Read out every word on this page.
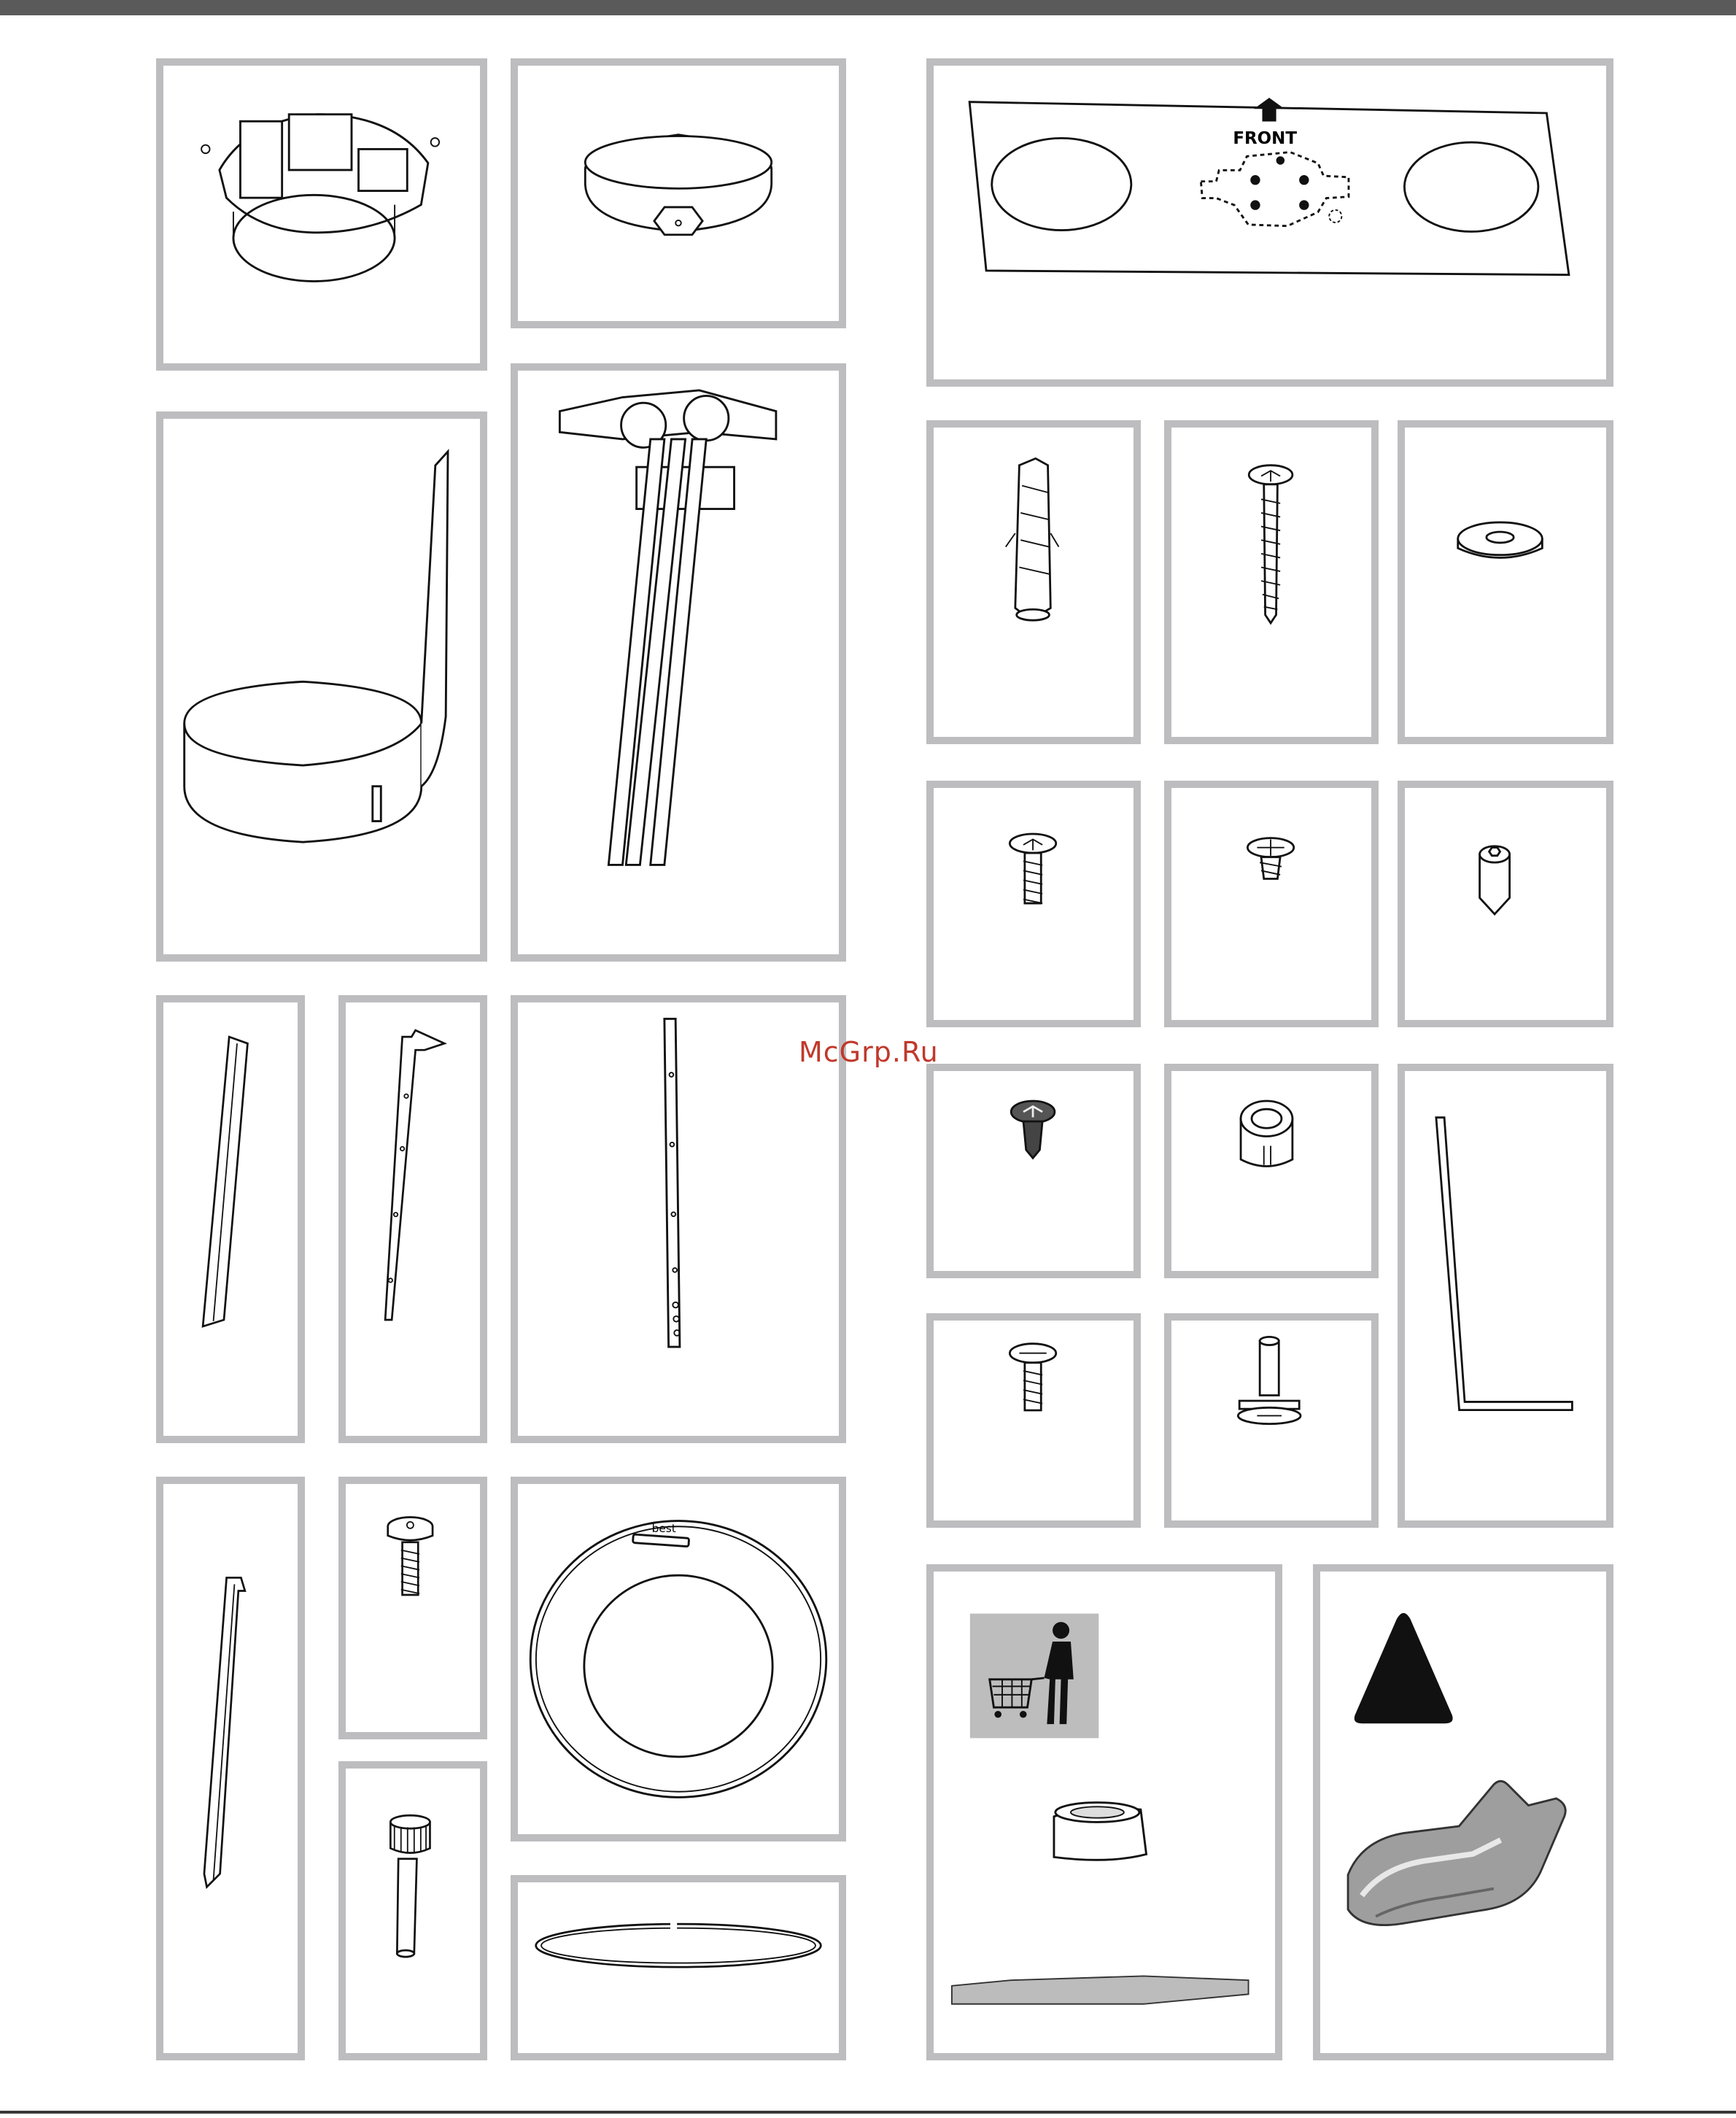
best
FRONT
McGrp.Ru
